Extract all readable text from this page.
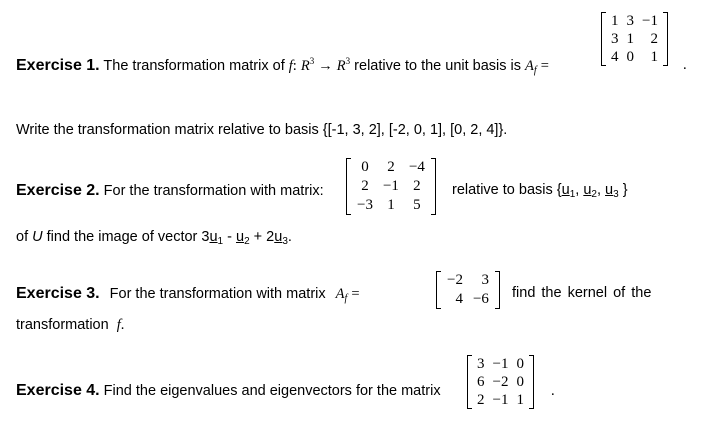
Exercise 1. The transformation matrix of f: $R^3 \to R^3$ relative to the unit basis is $A_f$ =
1	3	−1
3	1	2
4	0	1 .
Write the transformation matrix relative to basis {[-1, 3, 2], [-2, 0, 1], [0, 2, 4]}.
Exercise 2. For the transformation with matrix:
0	2	−4
2	−1	2
−3	1	5
relative to basis {$u_1$, $u_2$, $u_3$ }
of U find the image of vector $3u_1 - u_2 + 2u_3$.
Exercise 3. For the transformation with matrix $A_f$ =
−2	3
4	−6 find the kernel of the
transformation f.
Exercise 4. Find the eigenvalues and eigenvectors for the matrix
3	−1	0
6	−2	0
2	−1	1
.
